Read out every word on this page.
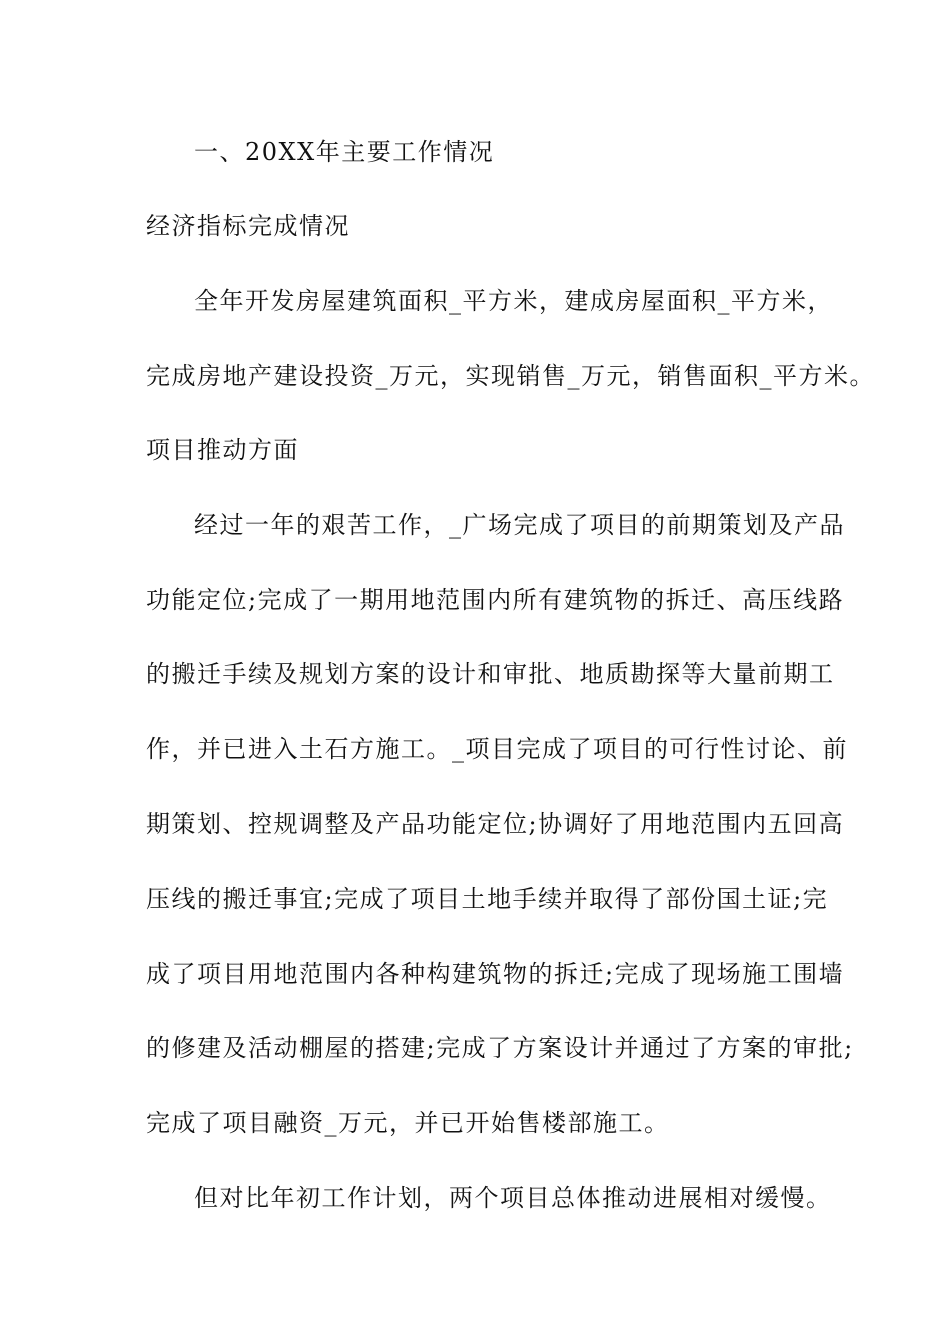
一、20XX年主要工作情况
经济指标完成情况
全年开发房屋建筑面积_平方米，建成房屋面积_平方米，
完成房地产建设投资_万元，实现销售_万元，销售面积_平方米。
项目推动方面
经过一年的艰苦工作，_广场完成了项目的前期策划及产品
功能定位;完成了一期用地范围内所有建筑物的拆迁、高压线路
的搬迁手续及规划方案的设计和审批、地质勘探等大量前期工
作，并已进入土石方施工。_项目完成了项目的可行性讨论、前
期策划、控规调整及产品功能定位;协调好了用地范围内五回高
压线的搬迁事宜;完成了项目土地手续并取得了部份国土证;完
成了项目用地范围内各种构建筑物的拆迁;完成了现场施工围墙
的修建及活动棚屋的搭建;完成了方案设计并通过了方案的审批;
完成了项目融资_万元，并已开始售楼部施工。
但对比年初工作计划，两个项目总体推动进展相对缓慢。
